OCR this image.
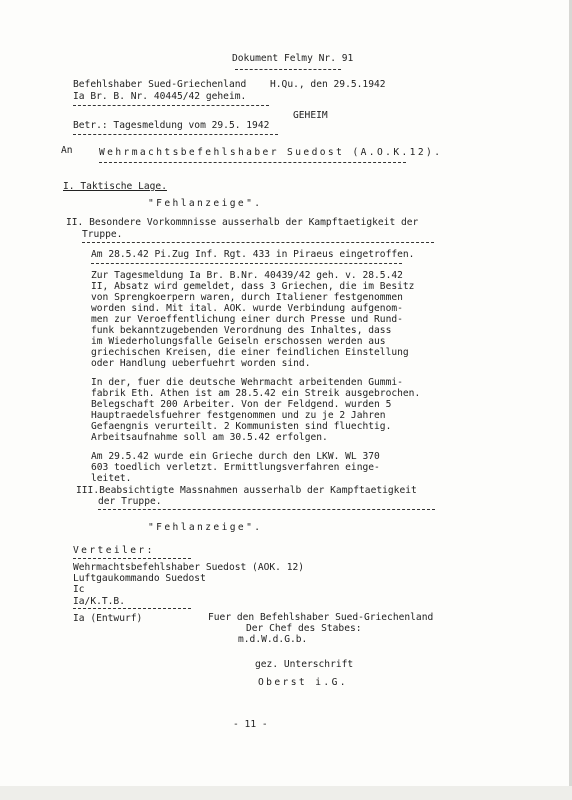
Dokument Felmy Nr. 91
Befehlshaber Sued-Griechenland
Ia Br. B. Nr. 40445/42 geheim.
H.Qu., den 29.5.1942
GEHEIM
Betr.: Tagesmeldung vom 29.5. 1942
An	Wehrmachtsbefehlshaber Suedost (A.O.K.12).
I. Taktische Lage.
"Fehlanzeige".
II. Besondere Vorkommnisse ausserhalb der Kampftaetigkeit der
Truppe.
Am 28.5.42 Pi.Zug Inf. Rgt. 433 in Piraeus eingetroffen.
Zur Tagesmeldung Ia Br. B.Nr. 40439/42 geh. v. 28.5.42
II, Absatz wird gemeldet, dass 3 Griechen, die im Besitz
von Sprengkoerpern waren, durch Italiener festgenommen
worden sind. Mit ital. AOK. wurde Verbindung aufgenom-
men zur Veroeffentlichung einer durch Presse und Rund-
funk bekanntzugebenden Verordnung des Inhaltes, dass
im Wiederholungsfalle Geiseln erschossen werden aus
griechischen Kreisen, die einer feindlichen Einstellung
oder Handlung ueberfuehrt worden sind.
In der, fuer die deutsche Wehrmacht arbeitenden Gummi-
fabrik Eth. Athen ist am 28.5.42 ein Streik ausgebrochen.
Belegschaft 200 Arbeiter. Von der Feldgend. wurden 5
Hauptraedelsfuehrer festgenommen und zu je 2 Jahren
Gefaengnis verurteilt. 2 Kommunisten sind fluechtig.
Arbeitsaufnahme soll am 30.5.42 erfolgen.
Am 29.5.42 wurde ein Grieche durch den LKW. WL 370
603 toedlich verletzt. Ermittlungsverfahren einge-
leitet.
III.Beabsichtigte Massnahmen ausserhalb der Kampftaetigkeit
der Truppe.
"Fehlanzeige".
Verteiler:
Wehrmachtsbefehlshaber Suedost (AOK. 12)
Luftgaukommando Suedost
Ic
Ia/K.T.B.
Ia (Entwurf)	Fuer den Befehlshaber Sued-Griechenland
Der Chef des Stabes:
m.d.W.d.G.b.
gez. Unterschrift
Oberst i.G.
- 11 -
